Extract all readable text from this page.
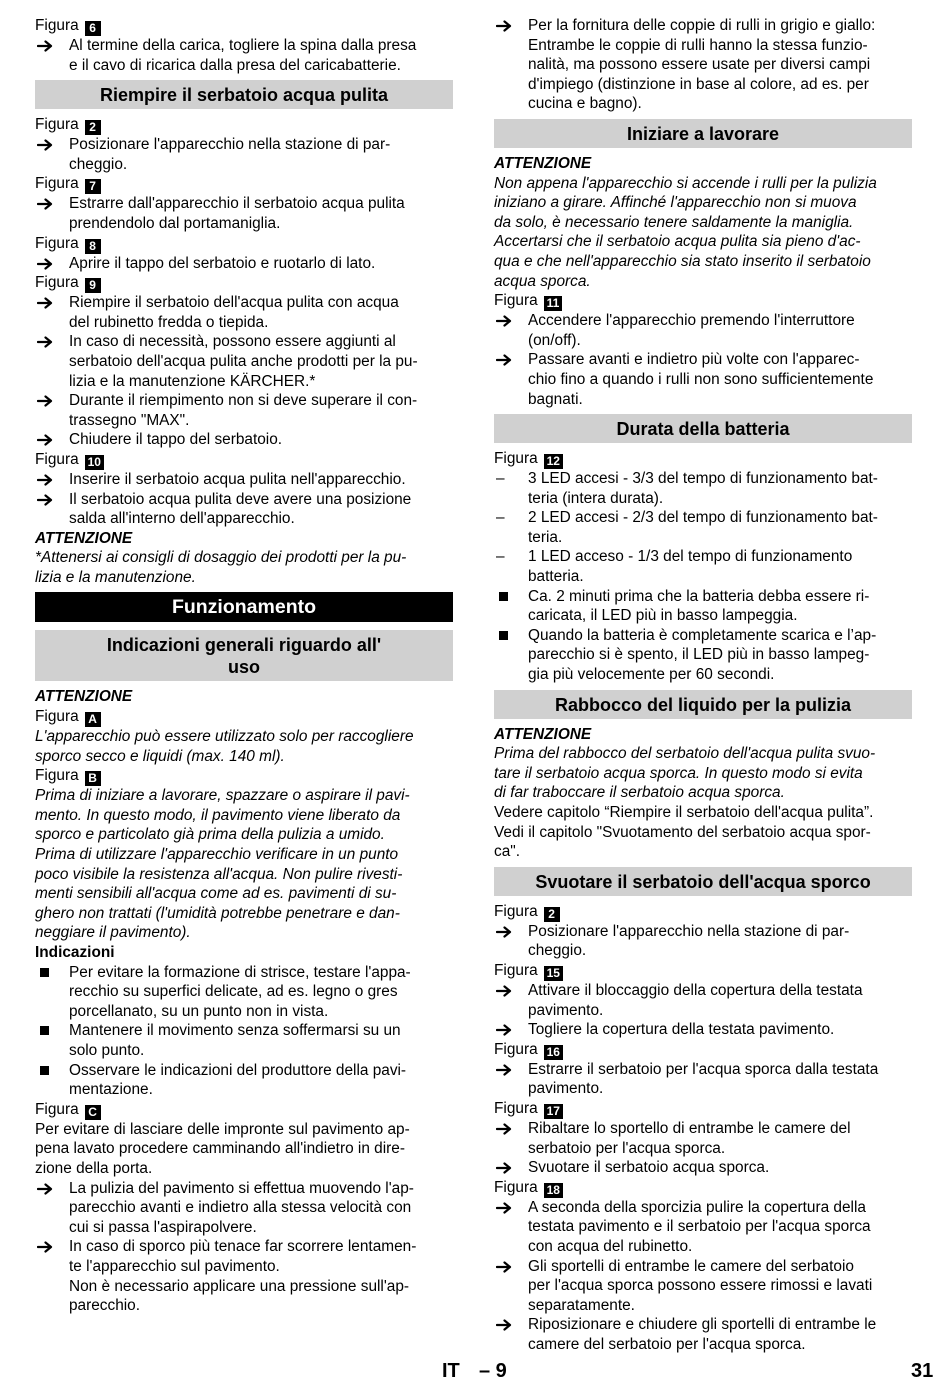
Figura 6
Al termine della carica, togliere la spina dalla presa
e il cavo di ricarica dalla presa del caricabatterie.
Riempire il serbatoio acqua pulita
Figura 2
Posizionare l'apparecchio nella stazione di par-
cheggio.
Figura 7
Estrarre dall'apparecchio il serbatoio acqua pulita
prendendolo dal portamaniglia.
Figura 8
Aprire il tappo del serbatoio e ruotarlo di lato.
Figura 9
Riempire il serbatoio dell'acqua pulita con acqua
del rubinetto fredda o tiepida.
In caso di necessità, possono essere aggiunti al
serbatoio dell'acqua pulita anche prodotti per la pu-
lizia e la manutenzione KÄRCHER.*
Durante il riempimento non si deve superare il con-
trassegno "MAX".
Chiudere il tappo del serbatoio.
Figura 10
Inserire il serbatoio acqua pulita nell'apparecchio.
Il serbatoio acqua pulita deve avere una posizione
salda all'interno dell'apparecchio.
ATTENZIONE
*Attenersi ai consigli di dosaggio dei prodotti per la pu-
lizia e la manutenzione.
Funzionamento
Indicazioni generali riguardo all'
uso
ATTENZIONE
Figura A
L'apparecchio può essere utilizzato solo per raccogliere
sporco secco e liquidi (max. 140 ml).
Figura B
Prima di iniziare a lavorare, spazzare o aspirare il pavi-
mento. In questo modo, il pavimento viene liberato da
sporco e particolato già prima della pulizia a umido.
Prima di utilizzare l'apparecchio verificare in un punto
poco visibile la resistenza all'acqua. Non pulire rivesti-
menti sensibili all'acqua come ad es. pavimenti di su-
ghero non trattati (l'umidità potrebbe penetrare e dan-
neggiare il pavimento).
Indicazioni
Per evitare la formazione di strisce, testare l'appa-
recchio su superfici delicate, ad es. legno o gres
porcellanato, su un punto non in vista.
Mantenere il movimento senza soffermarsi su un
solo punto.
Osservare le indicazioni del produttore della pavi-
mentazione.
Figura C
Per evitare di lasciare delle impronte sul pavimento ap-
pena lavato procedere camminando all'indietro in dire-
zione della porta.
La pulizia del pavimento si effettua muovendo l'ap-
parecchio avanti e indietro alla stessa velocità con
cui si passa l'aspirapolvere.
In caso di sporco più tenace far scorrere lentamen-
te l'apparecchio sul pavimento.
Non è necessario applicare una pressione sull'ap-
parecchio.
Per la fornitura delle coppie di rulli in grigio e giallo:
Entrambe le coppie di rulli hanno la stessa funzio-
nalità, ma possono essere usate per diversi campi
d'impiego (distinzione in base al colore, ad es. per
cucina e bagno).
Iniziare a lavorare
ATTENZIONE
Non appena l'apparecchio si accende i rulli per la pulizia
iniziano a girare. Affinché l'apparecchio non si muova
da solo, è necessario tenere saldamente la maniglia.
Accertarsi che il serbatoio acqua pulita sia pieno d'ac-
qua e che nell'apparecchio sia stato inserito il serbatoio
acqua sporca.
Figura 11
Accendere l'apparecchio premendo l'interruttore
(on/off).
Passare avanti e indietro più volte con l'apparec-
chio fino a quando i rulli non sono sufficientemente
bagnati.
Durata della batteria
Figura 12
–	3 LED accesi - 3/3 del tempo di funzionamento bat-
teria (intera durata).
–	2 LED accesi - 2/3 del tempo di funzionamento bat-
teria.
–	1 LED acceso - 1/3 del tempo di funzionamento
batteria.
Ca. 2 minuti prima che la batteria debba essere ri-
caricata, il LED più in basso lampeggia.
Quando la batteria è completamente scarica e l’ap-
parecchio si è spento, il LED più in basso lampeg-
gia più velocemente per 60 secondi.
Rabbocco del liquido per la pulizia
ATTENZIONE
Prima del rabbocco del serbatoio dell'acqua pulita svuo-
tare il serbatoio acqua sporca. In questo modo si evita
di far traboccare il serbatoio acqua sporca.
Vedere capitolo “Riempire il serbatoio dell'acqua pulita”.
Vedi il capitolo "Svuotamento del serbatoio acqua spor-
ca".
Svuotare il serbatoio dell'acqua sporco
Figura 2
Posizionare l'apparecchio nella stazione di par-
cheggio.
Figura 15
Attivare il bloccaggio della copertura della testata
pavimento.
Togliere la copertura della testata pavimento.
Figura 16
Estrarre il serbatoio per l'acqua sporca dalla testata
pavimento.
Figura 17
Ribaltare lo sportello di entrambe le camere del
serbatoio per l'acqua sporca.
Svuotare il serbatoio acqua sporca.
Figura 18
A seconda della sporcizia pulire la copertura della
testata pavimento e il serbatoio per l'acqua sporca
con acqua del rubinetto.
Gli sportelli di entrambe le camere del serbatoio
per l'acqua sporca possono essere rimossi e lavati
separatamente.
Riposizionare e chiudere gli sportelli di entrambe le
camere del serbatoio per l'acqua sporca.
IT – 9	31
